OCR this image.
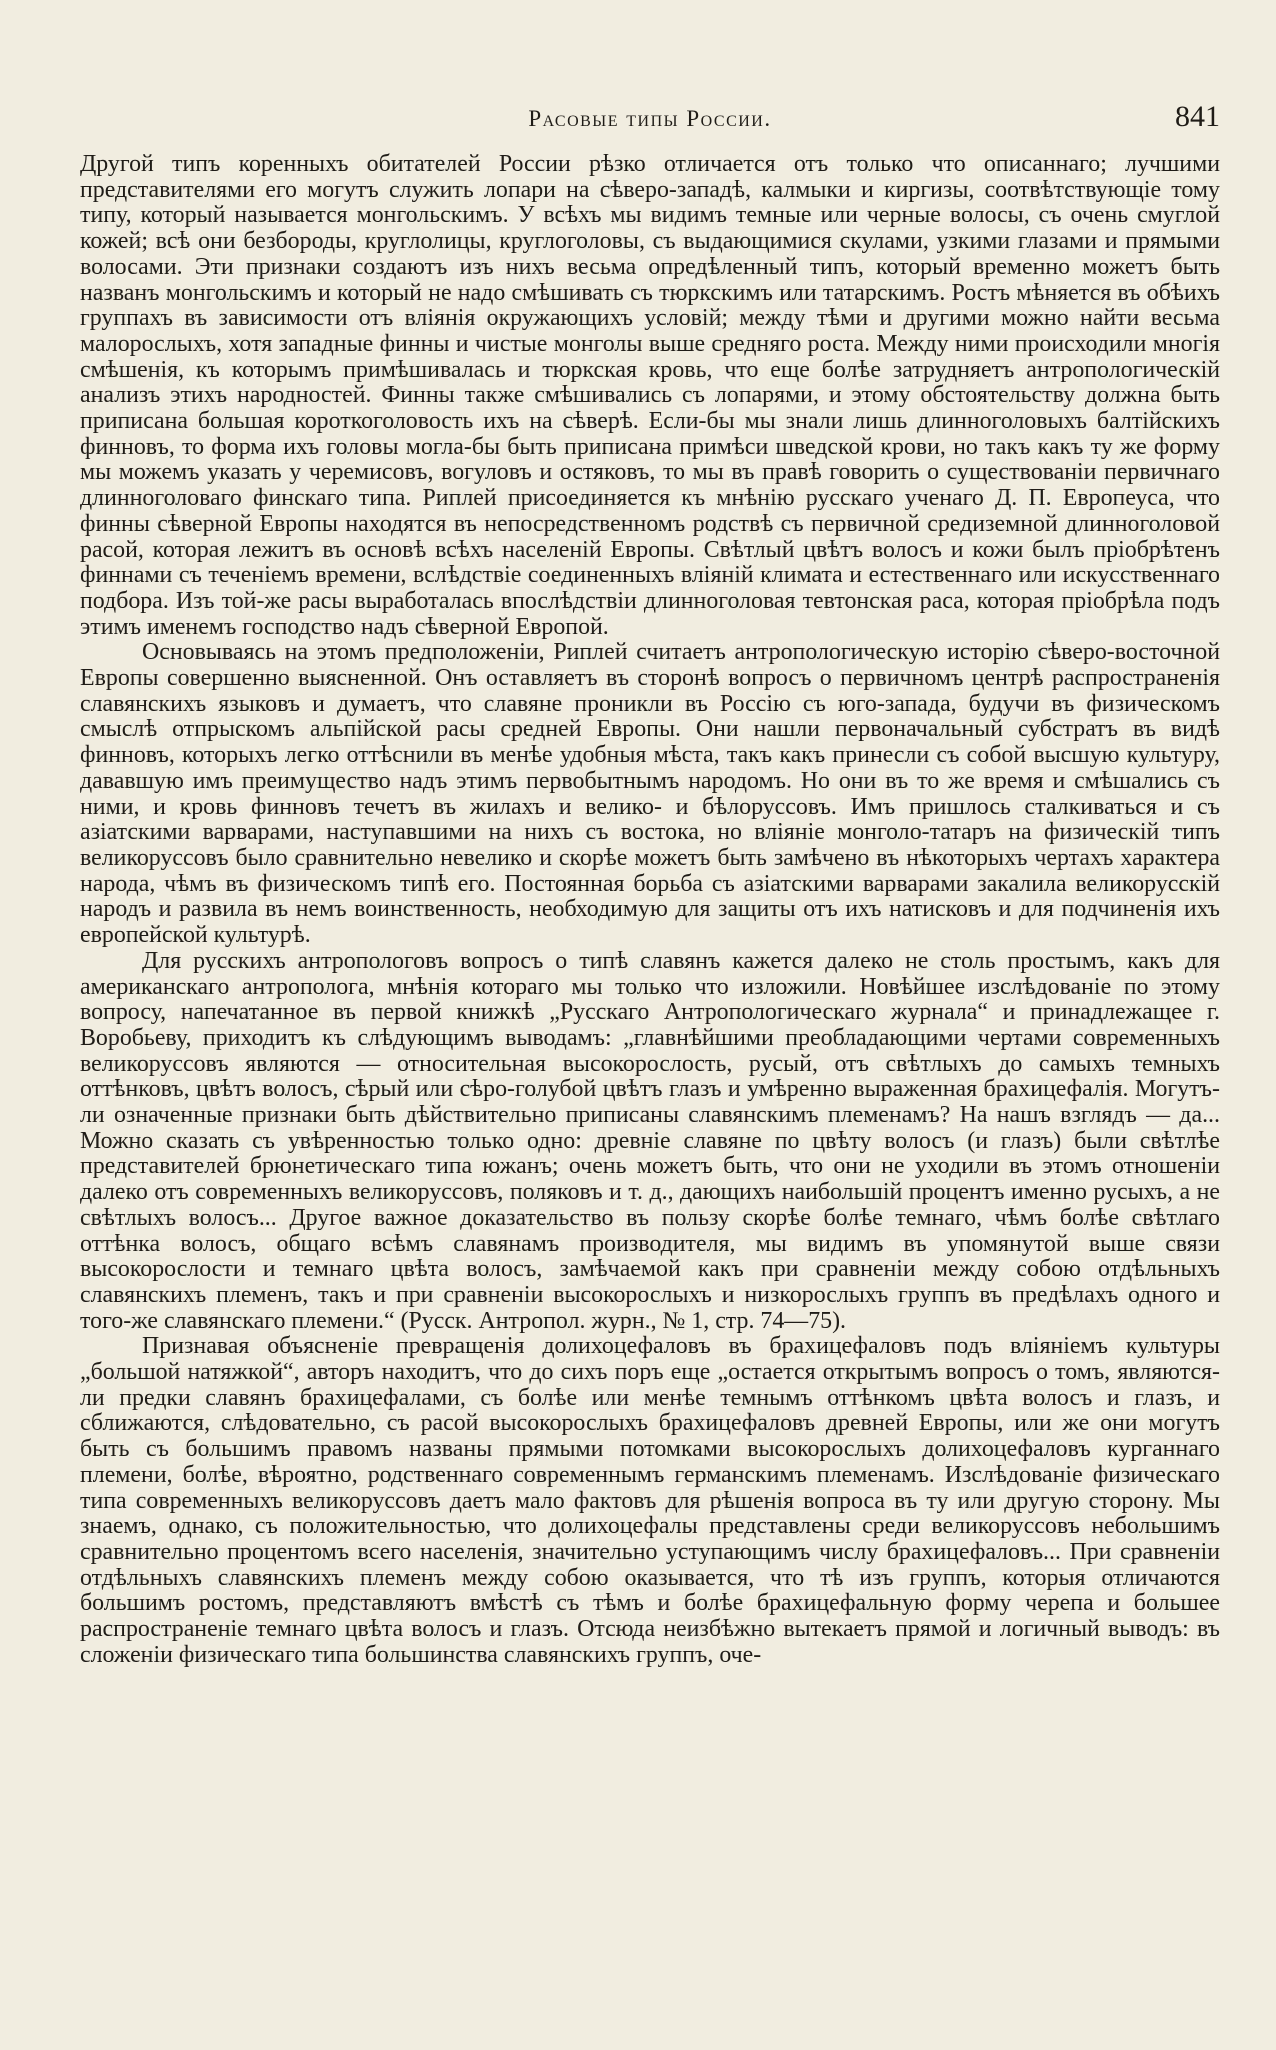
Расовые типы России.	841

Другой типъ коренныхъ обитателей России рѣзко отличается отъ только что описаннаго; лучшими представителями его могутъ служить лопари на сѣверо-западѣ, калмыки и киргизы, соотвѣтствующіе тому типу, который называется монгольскимъ. У всѣхъ мы видимъ темные или черные волосы, съ очень смуглой кожей; всѣ они безбороды, круглолицы, круглоголовы, съ выдающимися скулами, узкими глазами и прямыми волосами. Эти признаки создаютъ изъ нихъ весьма опредѣленный типъ, который временно можетъ быть названъ монгольскимъ и который не надо смѣшивать съ тюркскимъ или татарскимъ. Ростъ мѣняется въ обѣихъ группахъ въ зависимости отъ вліянія окружающихъ условій; между тѣми и другими можно найти весьма малорослыхъ, хотя западные финны и чистые монголы выше средняго роста. Между ними происходили многія смѣшенія, къ которымъ примѣшивалась и тюркская кровь, что еще болѣе затрудняетъ антропологическій анализъ этихъ народностей. Финны также смѣшивались съ лопарями, и этому обстоятельству должна быть приписана большая короткоголовость ихъ на сѣверѣ. Если-бы мы знали лишь длинноголовыхъ балтійскихъ финновъ, то форма ихъ головы могла-бы быть приписана примѣси шведской крови, но такъ какъ ту же форму мы можемъ указать у черемисовъ, вогуловъ и остяковъ, то мы въ правѣ говорить о существованіи первичнаго длинноголоваго финскаго типа. Риплей присоединяется къ мнѣнію русскаго ученаго Д. П. Европеуса, что финны сѣверной Европы находятся въ непосредственномъ родствѣ съ первичной средиземной длинноголовой расой, которая лежитъ въ основѣ всѣхъ населеній Европы. Свѣтлый цвѣтъ волосъ и кожи былъ пріобрѣтенъ финнами съ теченіемъ времени, вслѣдствіе соединенныхъ вліяній климата и естественнаго или искусственнаго подбора. Изъ той-же расы выработалась впослѣдствіи длинноголовая тевтонская раса, которая пріобрѣла подъ этимъ именемъ господство надъ сѣверной Европой.

Основываясь на этомъ предположеніи, Риплей считаетъ антропологическую исторію сѣверо-восточной Европы совершенно выясненной. Онъ оставляетъ въ сторонѣ вопросъ о первичномъ центрѣ распространенія славянскихъ языковъ и думаетъ, что славяне проникли въ Россію съ юго-запада, будучи въ физическомъ смыслѣ отпрыскомъ альпійской расы средней Европы. Они нашли первоначальный субстратъ въ видѣ финновъ, которыхъ легко оттѣснили въ менѣе удобныя мѣста, такъ какъ принесли съ собой высшую культуру, дававшую имъ преимущество надъ этимъ первобытнымъ народомъ. Но они въ то же время и смѣшались съ ними, и кровь финновъ течетъ въ жилахъ и велико- и бѣлоруссовъ. Имъ пришлось сталкиваться и съ азіатскими варварами, наступавшими на нихъ съ востока, но вліяніе монголо-татаръ на физическій типъ великоруссовъ было сравнительно невелико и скорѣе можетъ быть замѣчено въ нѣкоторыхъ чертахъ характера народа, чѣмъ въ физическомъ типѣ его. Постоянная борьба съ азіатскими варварами закалила великорусскій народъ и развила въ немъ воинственность, необходимую для защиты отъ ихъ натисковъ и для подчиненія ихъ европейской культурѣ.

Для русскихъ антропологовъ вопросъ о типѣ славянъ кажется далеко не столь простымъ, какъ для американскаго антрополога, мнѣнія котораго мы только что изложили. Новѣйшее изслѣдованіе по этому вопросу, напечатанное въ первой книжкѣ „Русскаго Антропологическаго журнала“ и принадлежащее г. Воробьеву, приходитъ къ слѣдующимъ выводамъ: „главнѣйшими преобладающими чертами современныхъ великоруссовъ являются — относительная высокорослость, русый, отъ свѣтлыхъ до самыхъ темныхъ оттѣнковъ, цвѣтъ волосъ, сѣрый или сѣро-голубой цвѣтъ глазъ и умѣренно выраженная брахицефалія. Могутъ-ли означенные признаки быть дѣйствительно приписаны славянскимъ племенамъ? На нашъ взглядъ — да... Можно сказать съ увѣренностью только одно: древніе славяне по цвѣту волосъ (и глазъ) были свѣтлѣе представителей брюнетическаго типа южанъ; очень можетъ быть, что они не уходили въ этомъ отношеніи далеко отъ современныхъ великоруссовъ, поляковъ и т. д., дающихъ наибольшій процентъ именно русыхъ, а не свѣтлыхъ волосъ... Другое важное доказательство въ пользу скорѣе болѣе темнаго, чѣмъ болѣе свѣтлаго оттѣнка волосъ, общаго всѣмъ славянамъ производителя, мы видимъ въ упомянутой выше связи высокорослости и темнаго цвѣта волосъ, замѣчаемой какъ при сравненіи между собою отдѣльныхъ славянскихъ племенъ, такъ и при сравненіи высокорослыхъ и низкорослыхъ группъ въ предѣлахъ одного и того-же славянскаго племени.“ (Русск. Антропол. журн., № 1, стр. 74—75).

Признавая объясненіе превращенія долихоцефаловъ въ брахицефаловъ подъ вліяніемъ культуры „большой натяжкой“, авторъ находитъ, что до сихъ поръ еще „остается открытымъ вопросъ о томъ, являются-ли предки славянъ брахицефалами, съ болѣе или менѣе темнымъ оттѣнкомъ цвѣта волосъ и глазъ, и сближаются, слѣдовательно, съ расой высокорослыхъ брахицефаловъ древней Европы, или же они могутъ быть съ большимъ правомъ названы прямыми потомками высокорослыхъ долихоцефаловъ курганнаго племени, болѣе, вѣроятно, родственнаго современнымъ германскимъ племенамъ. Изслѣдованіе физическаго типа современныхъ великоруссовъ даетъ мало фактовъ для рѣшенія вопроса въ ту или другую сторону. Мы знаемъ, однако, съ положительностью, что долихоцефалы представлены среди великоруссовъ небольшимъ сравнительно процентомъ всего населенія, значительно уступающимъ числу брахицефаловъ... При сравненіи отдѣльныхъ славянскихъ племенъ между собою оказывается, что тѣ изъ группъ, которыя отличаются большимъ ростомъ, представляютъ вмѣстѣ съ тѣмъ и болѣе брахицефальную форму черепа и большее распространеніе темнаго цвѣта волосъ и глазъ. Отсюда неизбѣжно вытекаетъ прямой и логичный выводъ: въ сложеніи физическаго типа большинства славянскихъ группъ, оче-
